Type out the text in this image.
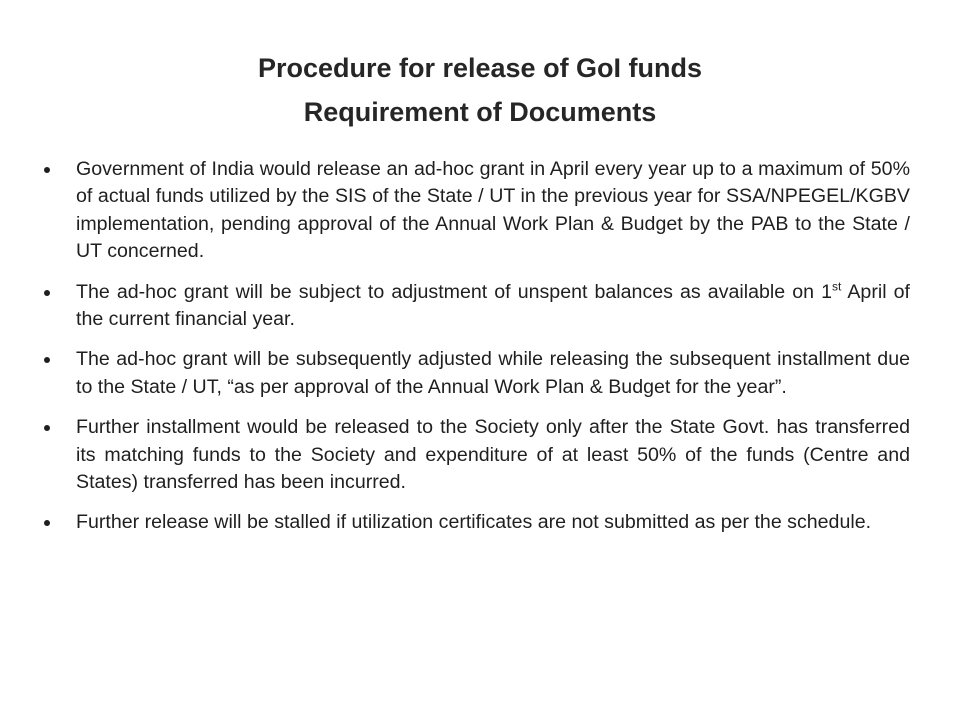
Procedure for release of GoI funds
Requirement of Documents
Government of India would release an ad-hoc grant in April every year up to a maximum of 50% of actual funds utilized by the SIS of the State / UT in the previous year for SSA/NPEGEL/KGBV implementation, pending approval of the Annual Work Plan & Budget by the PAB to the State / UT concerned.
The ad-hoc grant will be subject to adjustment of unspent balances as available on 1st April of the current financial year.
The ad-hoc grant will be subsequently adjusted while releasing the subsequent installment due to the State / UT, “as per approval of the Annual Work Plan & Budget for the year”.
Further installment would be released to the Society only after the State Govt. has transferred its matching funds to the Society and expenditure of at least 50% of the funds (Centre and States) transferred has been incurred.
Further release will be stalled if utilization certificates are not submitted as per the schedule.
